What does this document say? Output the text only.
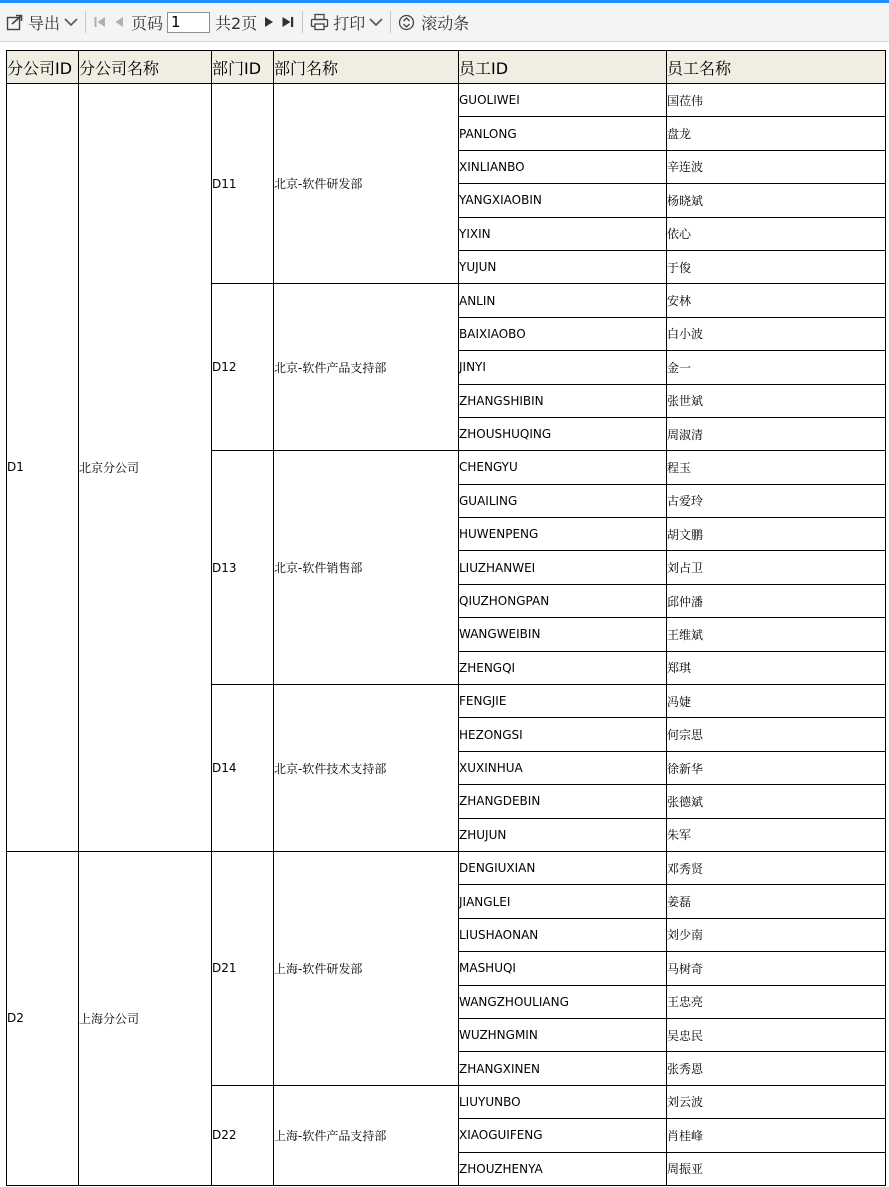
导出	页码
1	共2页	打印	滚动条
分公司ID	分公司名称	部门ID	部门名称	员工ID	员工名称
D1	北京分公司	D11	北京-软件研发部	GUOLIWEI	国莅伟
				PANLONG	盘龙
				XINLIANBO	辛连波
				YANGXIAOBIN	杨晓斌
				YIXIN	依心
				YUJUN	于俊
		D12	北京-软件产品支持部	ANLIN	安林
				BAIXIAOBO	白小波
				JINYI	金一
				ZHANGSHIBIN	张世斌
				ZHOUSHUQING	周淑清
		D13	北京-软件销售部	CHENGYU	程玉
				GUAILING	古爱玲
				HUWENPENG	胡文鹏
				LIUZHANWEI	刘占卫
				QIUZHONGPAN	邱仲潘
				WANGWEIBIN	王维斌
				ZHENGQI	郑琪
		D14	北京-软件技术支持部	FENGJIE	冯婕
				HEZONGSI	何宗思
				XUXINHUA	徐新华
				ZHANGDEBIN	张德斌
				ZHUJUN	朱军
D2	上海分公司	D21	上海-软件研发部	DENGIUXIAN	邓秀贤
				JIANGLEI	姜磊
				LIUSHAONAN	刘少南
				MASHUQI	马树奇
				WANGZHOULIANG	王忠亮
				WUZHNGMIN	吴忠民
				ZHANGXINEN	张秀恩
		D22	上海-软件产品支持部	LIUYUNBO	刘云波
				XIAOGUIFENG	肖桂峰
				ZHOUZHENYA	周振亚
